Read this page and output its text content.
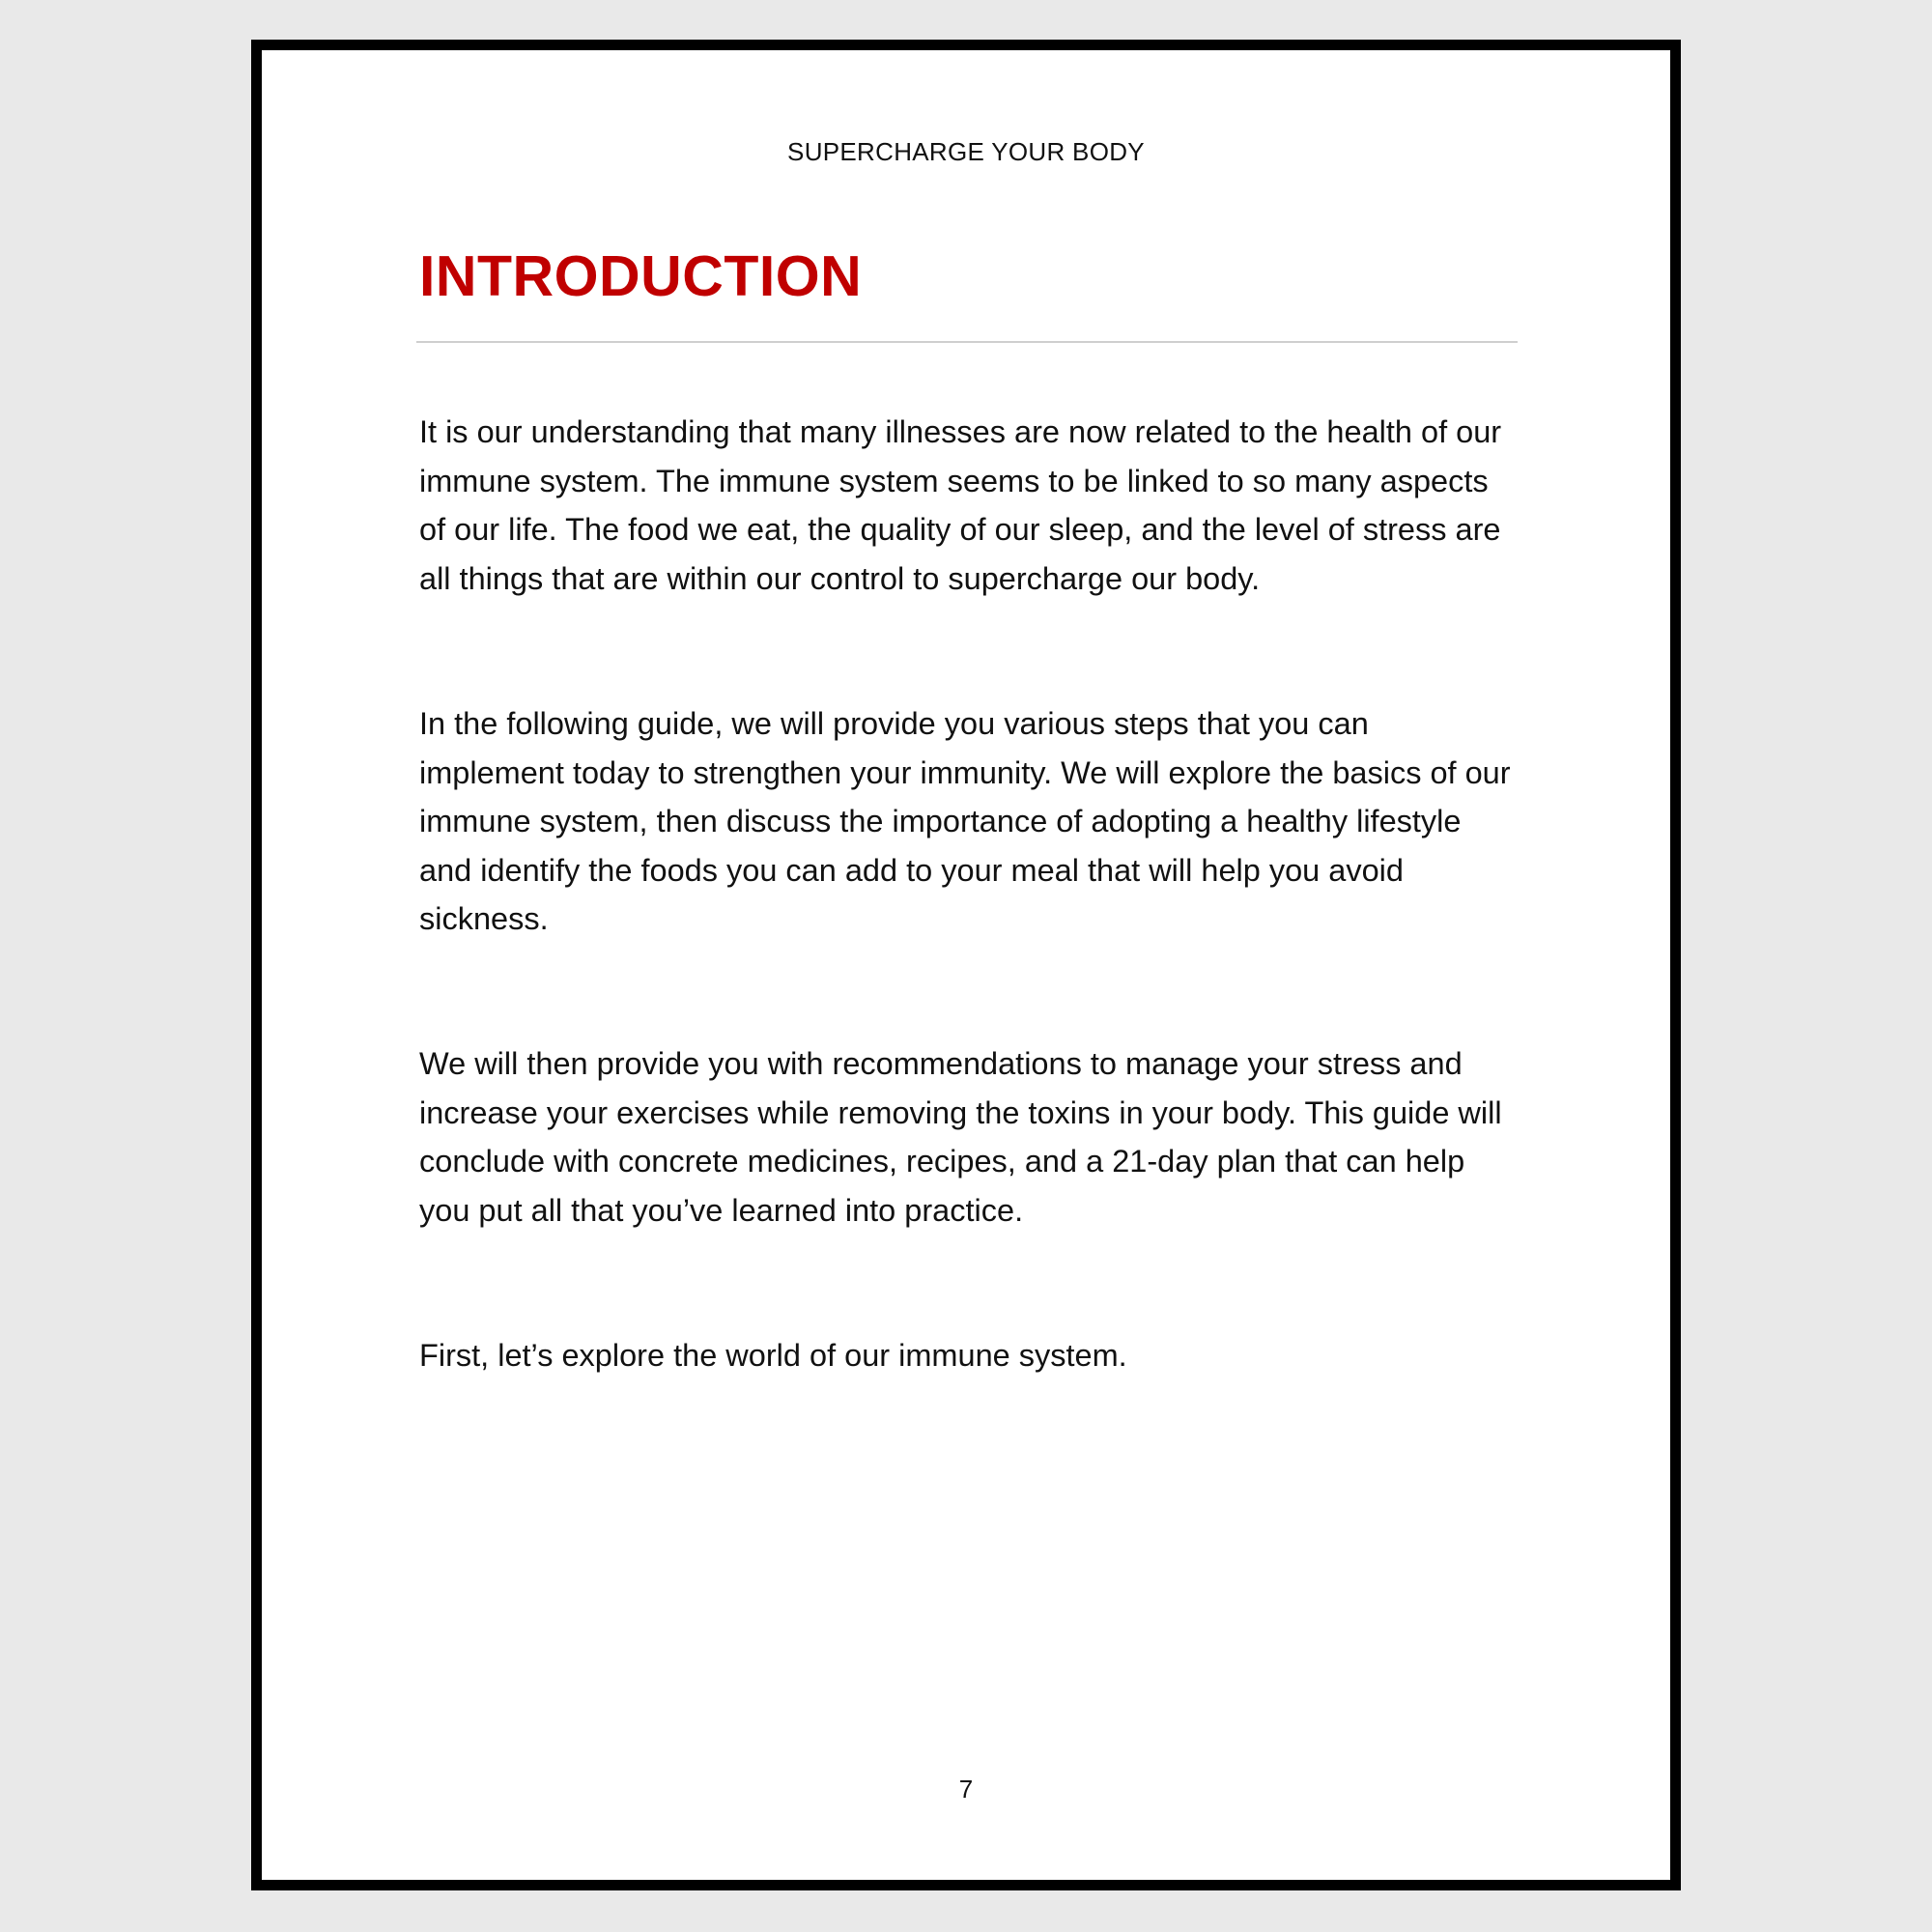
SUPERCHARGE YOUR BODY
INTRODUCTION

It is our understanding that many illnesses are now related to the health of our immune system. The immune system seems to be linked to so many aspects of our life. The food we eat, the quality of our sleep, and the level of stress are all things that are within our control to supercharge our body.

In the following guide, we will provide you various steps that you can implement today to strengthen your immunity. We will explore the basics of our immune system, then discuss the importance of adopting a healthy lifestyle and identify the foods you can add to your meal that will help you avoid sickness.

We will then provide you with recommendations to manage your stress and increase your exercises while removing the toxins in your body. This guide will conclude with concrete medicines, recipes, and a 21-day plan that can help you put all that you’ve learned into practice.

First, let’s explore the world of our immune system.

7
